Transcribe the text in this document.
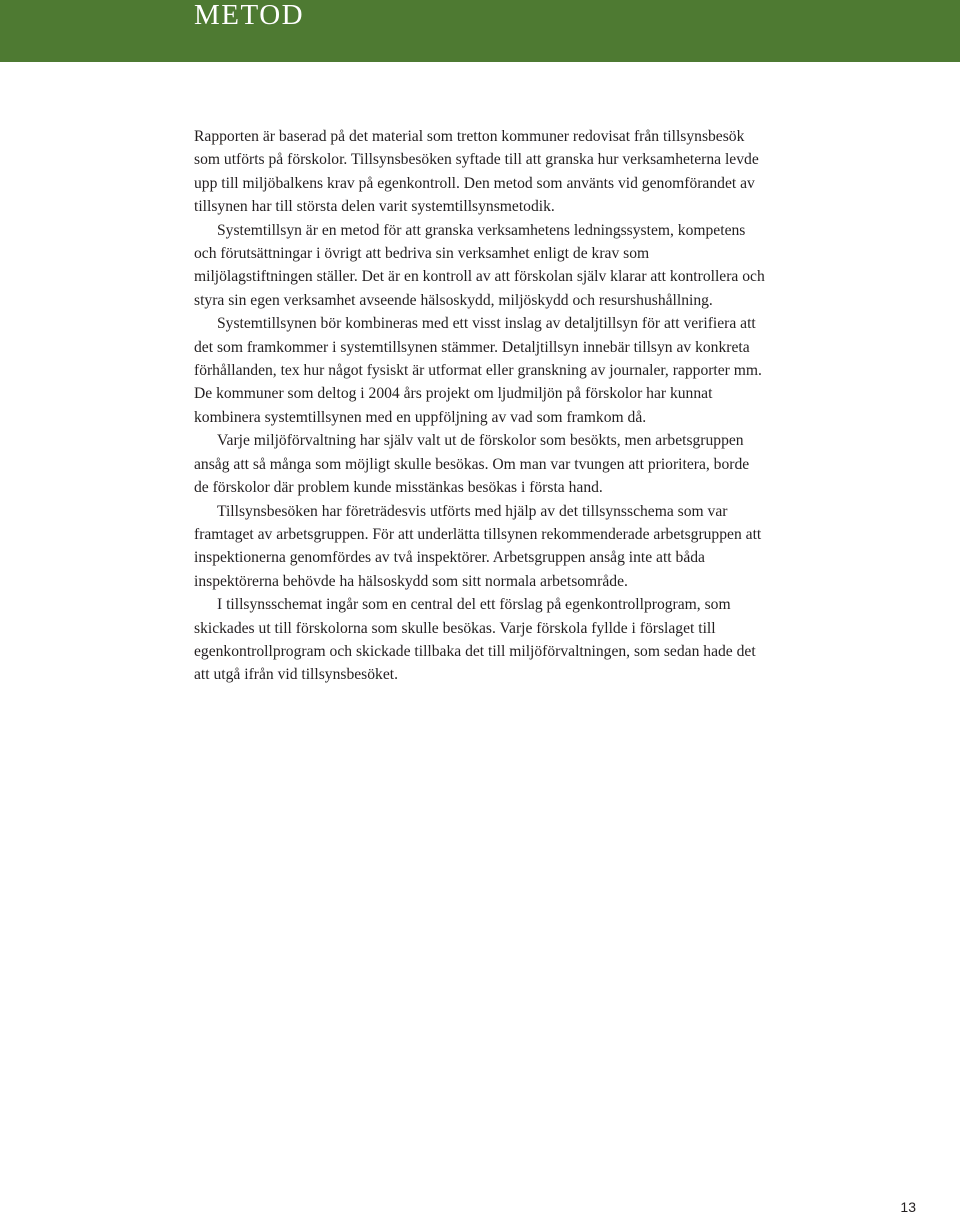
METOD

Rapporten är baserad på det material som tretton kommuner redovisat från tillsynsbesök som utförts på förskolor. Tillsynsbesöken syftade till att granska hur verksamheterna levde upp till miljöbalkens krav på egenkontroll. Den metod som använts vid genomförandet av tillsynen har till största delen varit systemtillsynsmetodik.

Systemtillsyn är en metod för att granska verksamhetens ledningssystem, kompetens och förutsättningar i övrigt att bedriva sin verksamhet enligt de krav som miljölagstiftningen ställer. Det är en kontroll av att förskolan själv klarar att kontrollera och styra sin egen verksamhet avseende hälsoskydd, miljöskydd och resurshushållning.

Systemtillsynen bör kombineras med ett visst inslag av detaljtillsyn för att verifiera att det som framkommer i systemtillsynen stämmer. Detaljtillsyn innebär tillsyn av konkreta förhållanden, tex hur något fysiskt är utformat eller granskning av journaler, rapporter mm. De kommuner som deltog i 2004 års projekt om ljudmiljön på förskolor har kunnat kombinera systemtillsynen med en uppföljning av vad som framkom då.

Varje miljöförvaltning har själv valt ut de förskolor som besökts, men arbetsgruppen ansåg att så många som möjligt skulle besökas. Om man var tvungen att prioritera, borde de förskolor där problem kunde misstänkas besökas i första hand.

Tillsynsbesöken har företrädesvis utförts med hjälp av det tillsynsschema som var framtaget av arbetsgruppen. För att underlätta tillsynen rekommenderade arbetsgruppen att inspektionerna genomfördes av två inspektörer. Arbetsgruppen ansåg inte att båda inspektörerna behövde ha hälsoskydd som sitt normala arbetsområde.

I tillsynsschemat ingår som en central del ett förslag på egenkontrollprogram, som skickades ut till förskolorna som skulle besökas. Varje förskola fyllde i förslaget till egenkontrollprogram och skickade tillbaka det till miljöförvaltningen, som sedan hade det att utgå ifrån vid tillsynsbesöket.

13
